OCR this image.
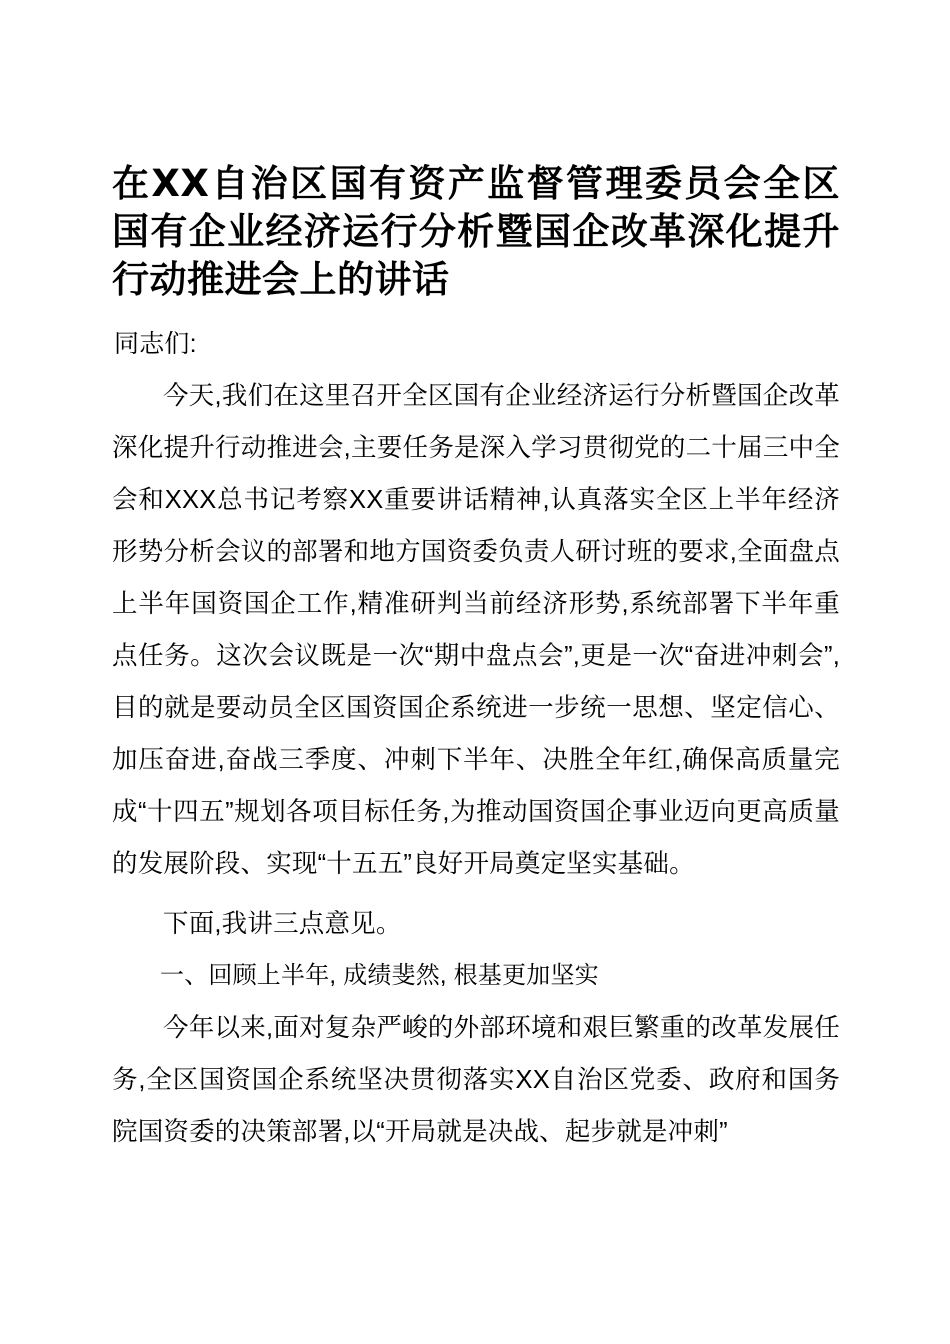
在XX自治区国有资产监督管理委员会全区国有企业经济运行分析暨国企改革深化提升行动推进会上的讲话
同志们:

今天,我们在这里召开全区国有企业经济运行分析暨国企改革深化提升行动推进会,主要任务是深入学习贯彻党的二十届三中全会和XXX总书记考察XX重要讲话精神,认真落实全区上半年经济形势分析会议的部署和地方国资委负责人研讨班的要求,全面盘点上半年国资国企工作,精准研判当前经济形势,系统部署下半年重点任务。这次会议既是一次“期中盘点会”,更是一次“奋进冲刺会”,目的就是要动员全区国资国企系统进一步统一思想、坚定信心、加压奋进,奋战三季度、冲刺下半年、决胜全年红,确保高质量完成“十四五”规划各项目标任务,为推动国资国企事业迈向更高质量的发展阶段、实现“十五五”良好开局奠定坚实基础。

下面,我讲三点意见。

一、回顾上半年, 成绩斐然, 根基更加坚实

今年以来,面对复杂严峻的外部环境和艰巨繁重的改革发展任务,全区国资国企系统坚决贯彻落实XX自治区党委、政府和国务院国资委的决策部署,以“开局就是决战、起步就是冲刺”
